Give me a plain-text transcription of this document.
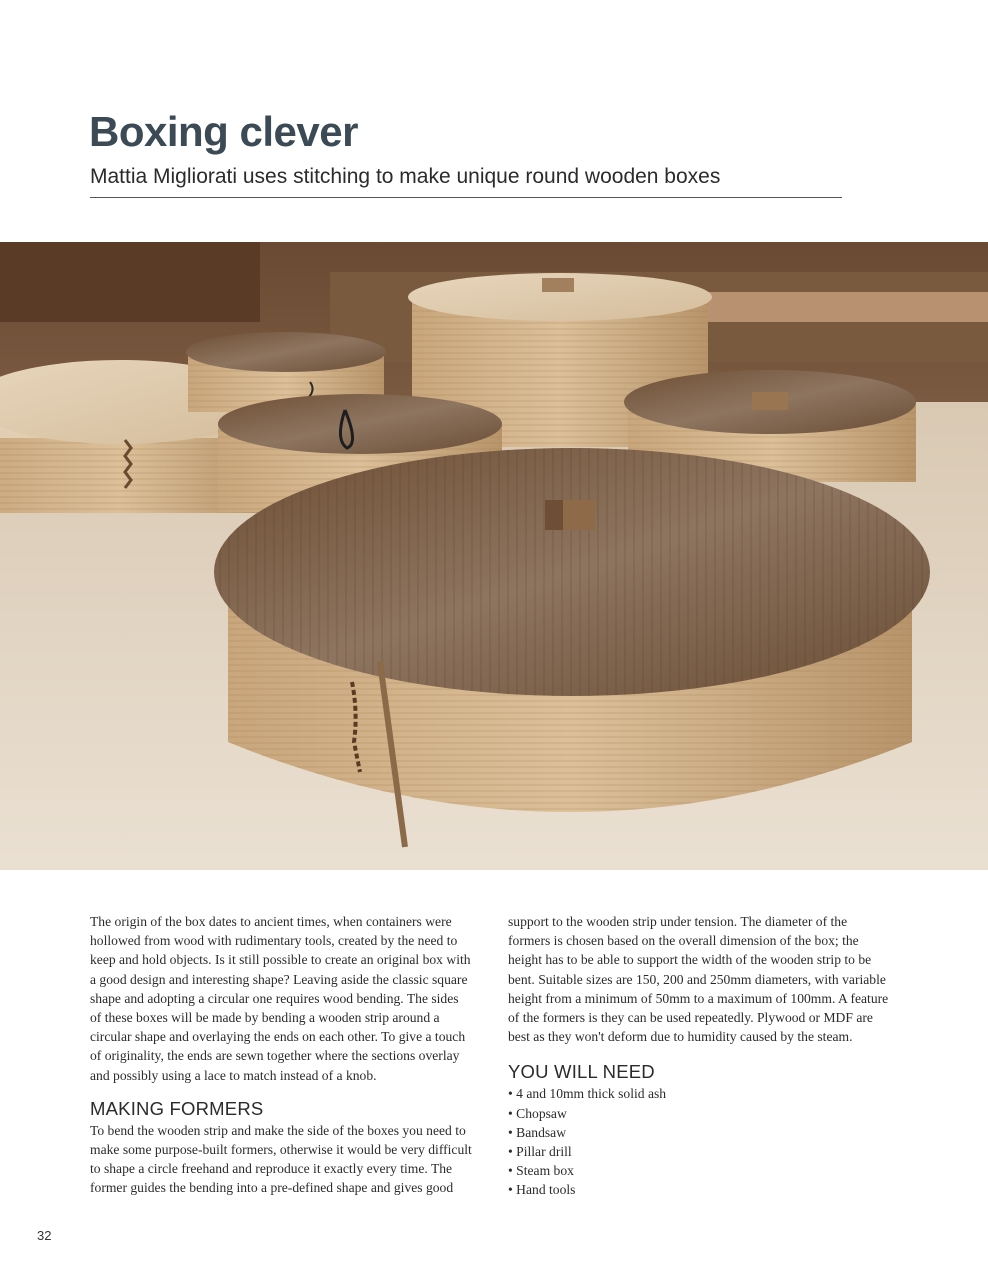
Boxing clever
Mattia Migliorati uses stitching to make unique round wooden boxes

The origin of the box dates to ancient times, when containers were hollowed from wood with rudimentary tools, created by the need to keep and hold objects. Is it still possible to create an original box with a good design and interesting shape? Leaving aside the classic square shape and adopting a circular one requires wood bending. The sides of these boxes will be made by bending a wooden strip around a circular shape and overlaying the ends on each other. To give a touch of originality, the ends are sewn together where the sections overlay and possibly using a lace to match instead of a knob.

MAKING FORMERS

To bend the wooden strip and make the side of the boxes you need to make some purpose-built formers, otherwise it would be very difficult to shape a circle freehand and reproduce it exactly every time. The former guides the bending into a pre-defined shape and gives good

support to the wooden strip under tension. The diameter of the formers is chosen based on the overall dimension of the box; the height has to be able to support the width of the wooden strip to be bent. Suitable sizes are 150, 200 and 250mm diameters, with variable height from a minimum of 50mm to a maximum of 100mm. A feature of the formers is they can be used repeatedly. Plywood or MDF are best as they won't deform due to humidity caused by the steam.

YOU WILL NEED
• 4 and 10mm thick solid ash
• Chopsaw
• Bandsaw
• Pillar drill
• Steam box
• Hand tools
32
